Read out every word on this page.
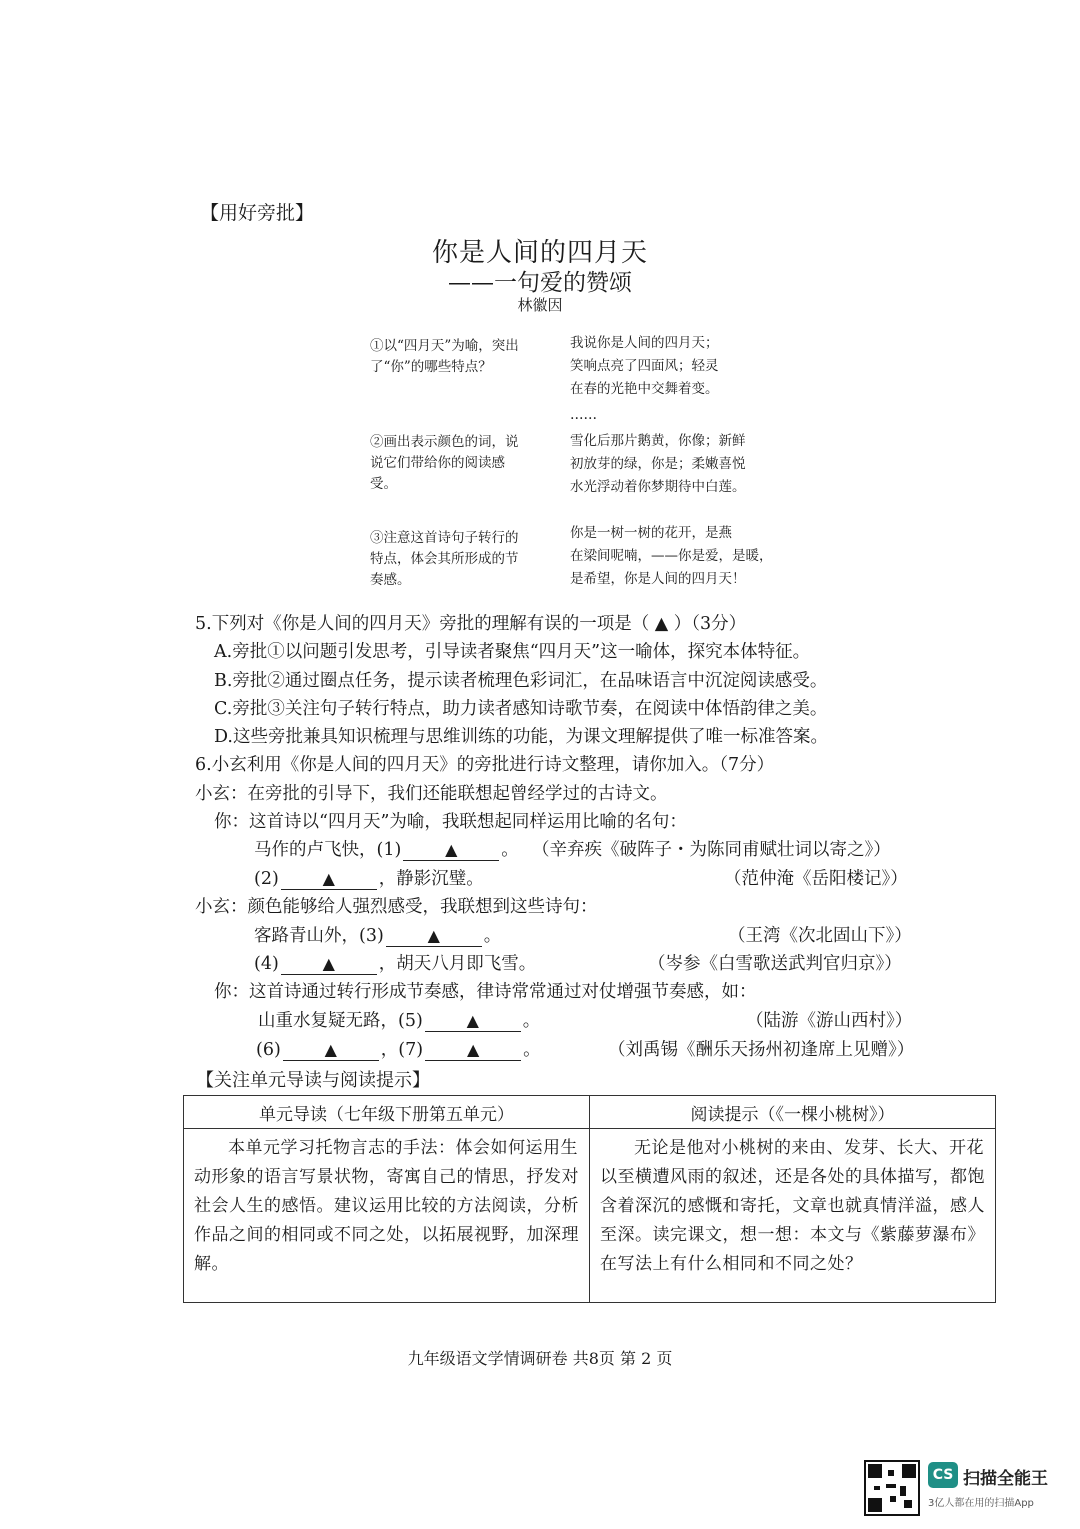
【用好旁批】
你是人间的四月天
——一句爱的赞颂
林徽因
①以“四月天”为喻，突出了“你”的哪些特点？
②画出表示颜色的词，说说它们带给你的阅读感受。
③注意这首诗句子转行的特点，体会其所形成的节奏感。
我说你是人间的四月天；
笑响点亮了四面风；轻灵
在春的光艳中交舞着变。
……
雪化后那片鹅黄，你像；新鲜
初放芽的绿，你是；柔嫩喜悦
水光浮动着你梦期待中白莲。
你是一树一树的花开，是燕
在梁间呢喃，——你是爱，是暖，
是希望，你是人间的四月天！
5.下列对《你是人间的四月天》旁批的理解有误的一项是（ ▲ ）（3分）
A.旁批①以问题引发思考，引导读者聚焦“四月天”这一喻体，探究本体特征。
B.旁批②通过圈点任务，提示读者梳理色彩词汇，在品味语言中沉淀阅读感受。
C.旁批③关注句子转行特点，助力读者感知诗歌节奏，在阅读中体悟韵律之美。
D.这些旁批兼具知识梳理与思维训练的功能，为课文理解提供了唯一标准答案。
6.小玄利用《你是人间的四月天》的旁批进行诗文整理，请你加入。（7分）
小玄：在旁批的引导下，我们还能联想起曾经学过的古诗文。
你：这首诗以“四月天”为喻，我联想起同样运用比喻的名句：
马作的卢飞快，(1)	▲	。 （辛弃疾《破阵子・为陈同甫赋壮词以寄之》）
(2)	▲	，静影沉璧。	（范仲淹《岳阳楼记》）
小玄：颜色能够给人强烈感受，我联想到这些诗句：
客路青山外，(3)	▲	。	（王湾《次北固山下》）
(4)	▲	，胡天八月即飞雪。	（岑参《白雪歌送武判官归京》）
你：这首诗通过转行形成节奏感，律诗常常通过对仗增强节奏感，如：
山重水复疑无路，(5)	▲	。	（陆游《游山西村》）
(6)	▲	，(7)	▲	。	（刘禹锡《酬乐天扬州初逢席上见赠》）
【关注单元导读与阅读提示】
单元导读（七年级下册第五单元）	阅读提示（《一棵小桃树》）
本单元学习托物言志的手法：体会如何运用生动形象的语言写景状物，寄寓自己的情思，抒发对社会人生的感悟。建议运用比较的方法阅读，分析作品之间的相同或不同之处，以拓展视野，加深理解。	无论是他对小桃树的来由、发芽、长大、开花以至横遭风雨的叙述，还是各处的具体描写，都饱含着深沉的感慨和寄托，文章也就真情洋溢，感人至深。读完课文，想一想：本文与《紫藤萝瀑布》在写法上有什么相同和不同之处？
九年级语文学情调研卷 共8页 第 2 页
CS 扫描全能王
3亿人都在用的扫描App
